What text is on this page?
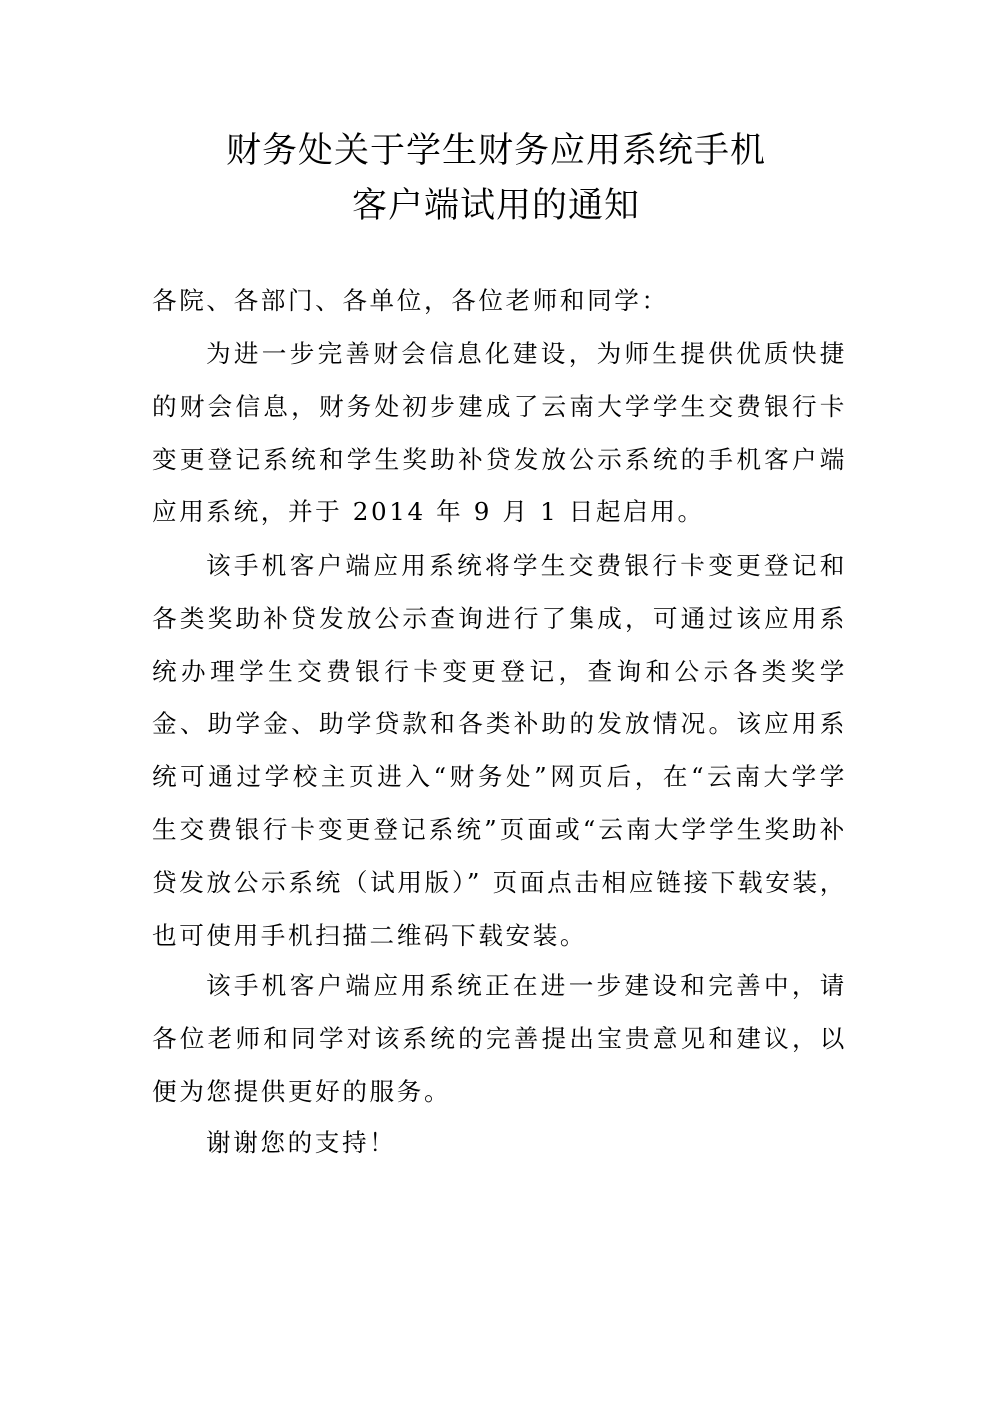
财务处关于学生财务应用系统手机
客户端试用的通知
各院、各部门、各单位，各位老师和同学：
为进一步完善财会信息化建设，为师生提供优质快捷的财会信息，财务处初步建成了云南大学学生交费银行卡变更登记系统和学生奖助补贷发放公示系统的手机客户端应用系统，并于 2014 年 9 月 1 日起启用。
该手机客户端应用系统将学生交费银行卡变更登记和各类奖助补贷发放公示查询进行了集成，可通过该应用系统办理学生交费银行卡变更登记，查询和公示各类奖学金、助学金、助学贷款和各类补助的发放情况。该应用系统可通过学校主页进入“财务处”网页后，在“云南大学学生交费银行卡变更登记系统”页面或“云南大学学生奖助补贷发放公示系统（试用版）” 页面点击相应链接下载安装，也可使用手机扫描二维码下载安装。
该手机客户端应用系统正在进一步建设和完善中，请各位老师和同学对该系统的完善提出宝贵意见和建议，以便为您提供更好的服务。
谢谢您的支持！
